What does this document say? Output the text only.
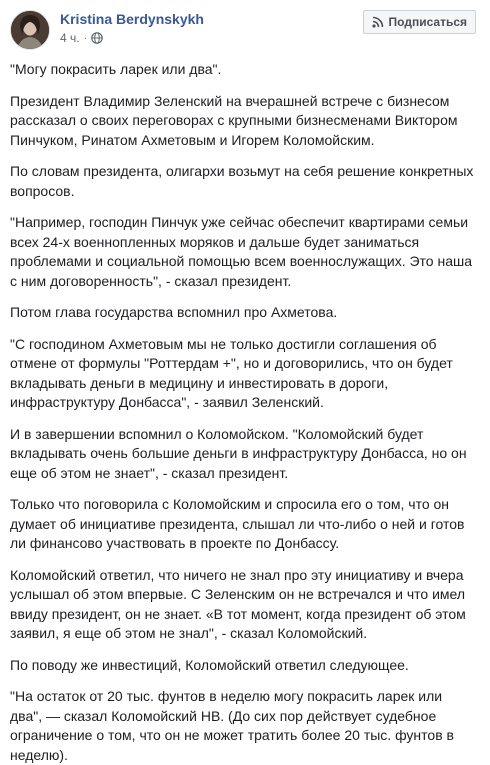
Kristina Berdynskykh
4 ч. ·
Подписаться

"Могу покрасить ларек или два".

Президент Владимир Зеленский на вчерашней встрече с бизнесом рассказал о своих переговорах с крупными бизнесменами Виктором Пинчуком, Ринатом Ахметовым и Игорем Коломойским.

По словам президента, олигархи возьмут на себя решение конкретных вопросов.

"Например, господин Пинчук уже сейчас обеспечит квартирами семьи всех 24-х военнопленных моряков и дальше будет заниматься проблемами и социальной помощью всем военнослужащих. Это наша с ним договоренность", - сказал президент.

Потом глава государства вспомнил про Ахметова.

"С господином Ахметовым мы не только достигли соглашения об отмене от формулы "Роттердам +", но и договорились, что он будет вкладывать деньги в медицину и инвестировать в дороги, инфраструктуру Донбасса", - заявил Зеленский.

И в завершении вспомнил о Коломойском. "Коломойский будет вкладывать очень большие деньги в инфраструктуру Донбасса, но он еще об этом не знает", - сказал президент.

Только что поговорила с Коломойским и спросила его о том, что он думает об инициативе президента, слышал ли что-либо о ней и готов ли финансово участвовать в проекте по Донбассу.

Коломойский ответил, что ничего не знал про эту инициативу и вчера услышал об этом впервые. С Зеленским он не встречался и что имел ввиду президент, он не знает. «В тот момент, когда президент об этом заявил, я еще об этом не знал", - сказал Коломойский.

По поводу же инвестиций, Коломойский ответил следующее.

"На остаток от 20 тыс. фунтов в неделю могу покрасить ларек или два", — сказал Коломойский НВ. (До сих пор действует судебное ограничение о том, что он не может тратить более 20 тыс. фунтов в неделю).
